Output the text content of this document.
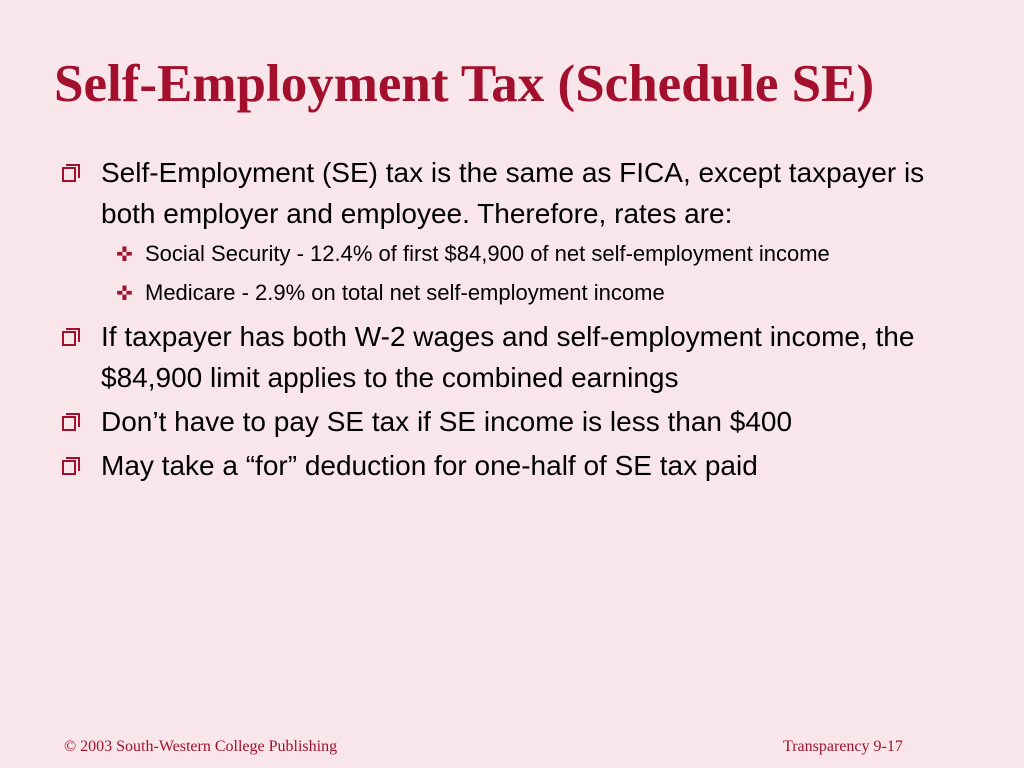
Self-Employment Tax (Schedule SE)
Self-Employment (SE) tax is the same as FICA, except taxpayer is both employer and employee. Therefore, rates are:
✜ Social Security - 12.4% of first $84,900 of net self-employment income
✜ Medicare - 2.9% on total net self-employment income
If taxpayer has both W-2 wages and self-employment income, the $84,900 limit applies to the combined earnings
Don’t have to pay SE tax if SE income is less than $400
May take a “for” deduction for one-half of SE tax paid
© 2003 South-Western College Publishing	Transparency 9-17
